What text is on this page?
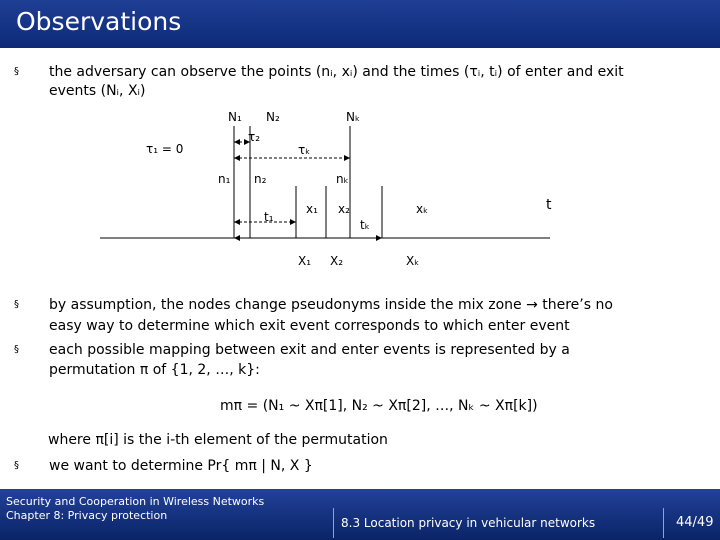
Observations
§ the adversary can observe the points (nᵢ, xᵢ) and the times (τᵢ, tᵢ) of enter and exit
events (Nᵢ, Xᵢ)
N₁ N₂	Nₖ
τ₂
τₖ
τ₁ = 0
n₁ n₂	nₖ
t₁
x₁ x₂
tₖ
xₖ	t
X₁ X₂	Xₖ
§ by assumption, the nodes change pseudonyms inside the mix zone → there’s no
easy way to determine which exit event corresponds to which enter event
§ each possible mapping between exit and enter events is represented by a
permutation π of {1, 2, …, k}:
mπ = (N₁ ~ Xπ[1], N₂ ~ Xπ[2], …, Nₖ ~ Xπ[k])
where π[i] is the i-th element of the permutation
§ we want to determine Pr{ mπ | N, X }
Security and Cooperation in Wireless Networks
Chapter 8: Privacy protection
8.3 Location privacy in vehicular networks	44/49
